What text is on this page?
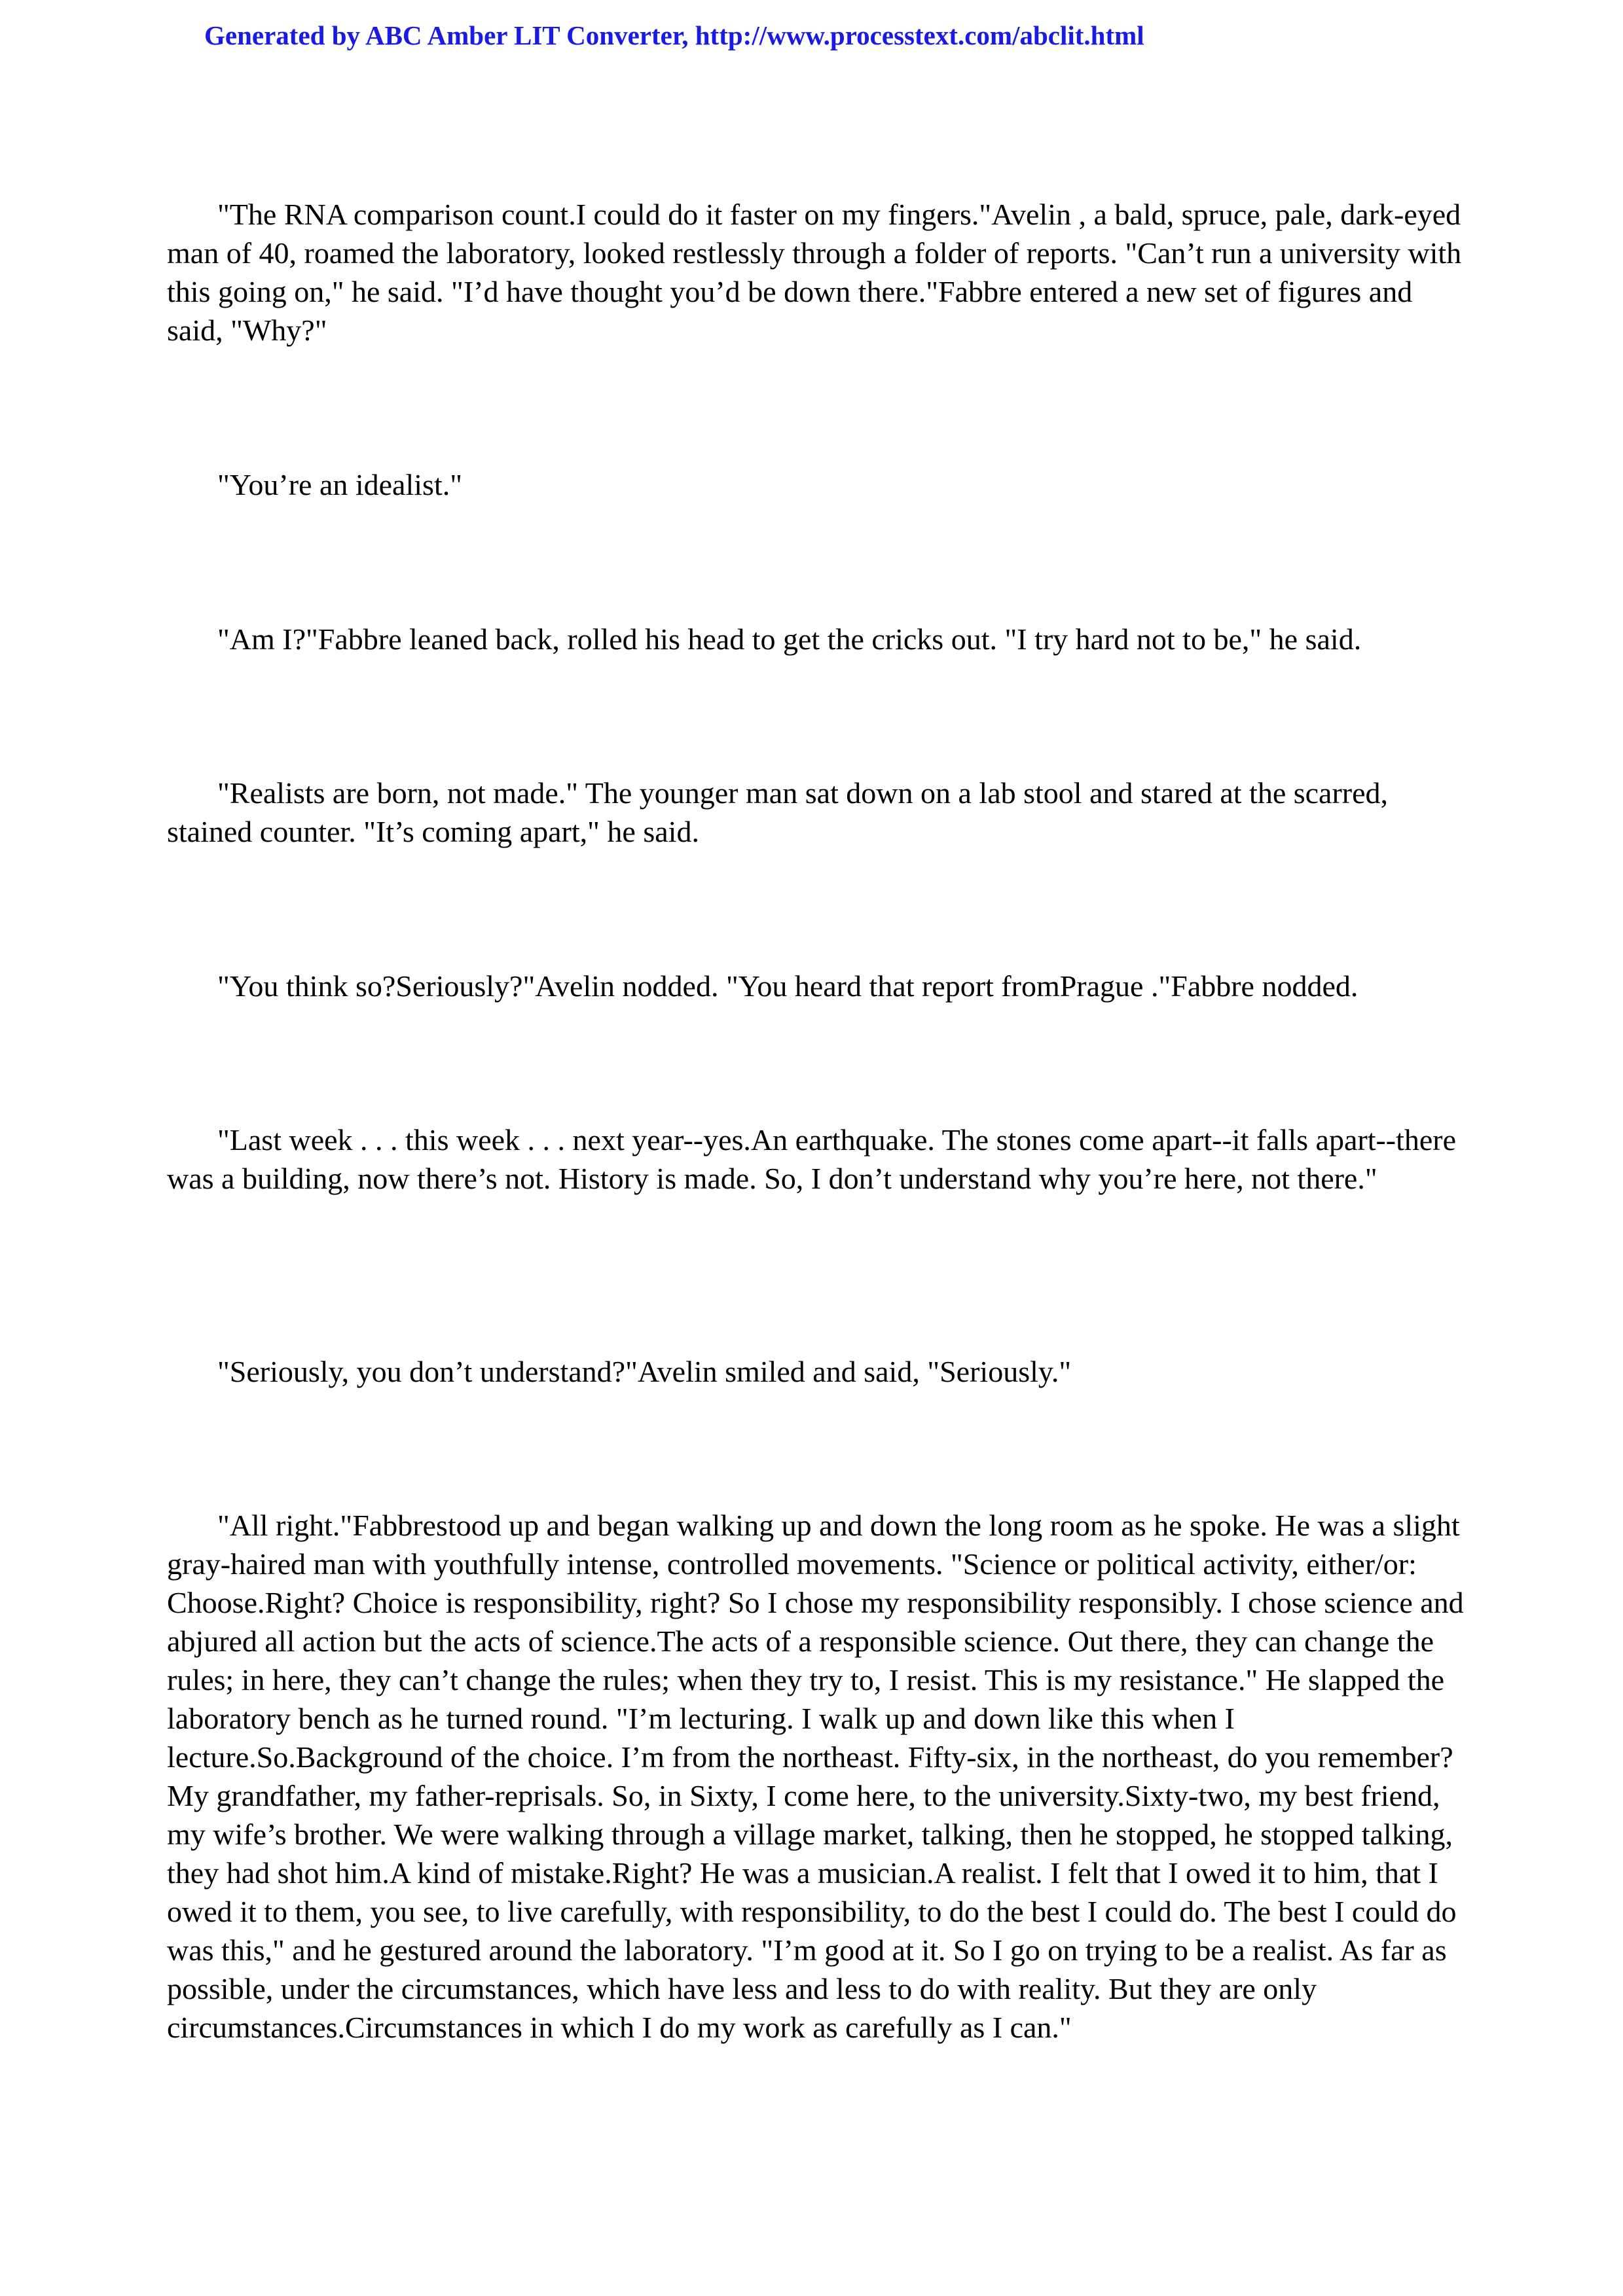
Generated by ABC Amber LIT Converter, http://www.processtext.com/abclit.html

"The RNA comparison count.I could do it faster on my fingers."Avelin , a bald, spruce, pale, dark-eyed man of 40, roamed the laboratory, looked restlessly through a folder of reports. "Can’t run a university with this going on," he said. "I’d have thought you’d be down there."Fabbre entered a new set of figures and said, "Why?"

"You’re an idealist."

"Am I?"Fabbre leaned back, rolled his head to get the cricks out. "I try hard not to be," he said.

"Realists are born, not made." The younger man sat down on a lab stool and stared at the scarred, stained counter. "It’s coming apart," he said.

"You think so?Seriously?"Avelin nodded. "You heard that report fromPrague ."Fabbre nodded.

"Last week . . . this week . . . next year--yes.An earthquake. The stones come apart--it falls apart--there was a building, now there’s not. History is made. So, I don’t understand why you’re here, not there."

"Seriously, you don’t understand?"Avelin smiled and said, "Seriously."

"All right."Fabbrestood up and began walking up and down the long room as he spoke. He was a slight gray-haired man with youthfully intense, controlled movements. "Science or political activity, either/or: Choose.Right? Choice is responsibility, right? So I chose my responsibility responsibly. I chose science and abjured all action but the acts of science.The acts of a responsible science. Out there, they can change the rules; in here, they can’t change the rules; when they try to, I resist. This is my resistance." He slapped the laboratory bench as he turned round. "I’m lecturing. I walk up and down like this when I lecture.So.Background of the choice. I’m from the northeast. Fifty-six, in the northeast, do you remember?My grandfather, my father-reprisals. So, in Sixty, I come here, to the university.Sixty-two, my best friend, my wife’s brother. We were walking through a village market, talking, then he stopped, he stopped talking, they had shot him.A kind of mistake.Right? He was a musician.A realist. I felt that I owed it to him, that I owed it to them, you see, to live carefully, with responsibility, to do the best I could do. The best I could do was this," and he gestured around the laboratory. "I’m good at it. So I go on trying to be a realist. As far as possible, under the circumstances, which have less and less to do with reality. But they are only circumstances.Circumstances in which I do my work as carefully as I can."
